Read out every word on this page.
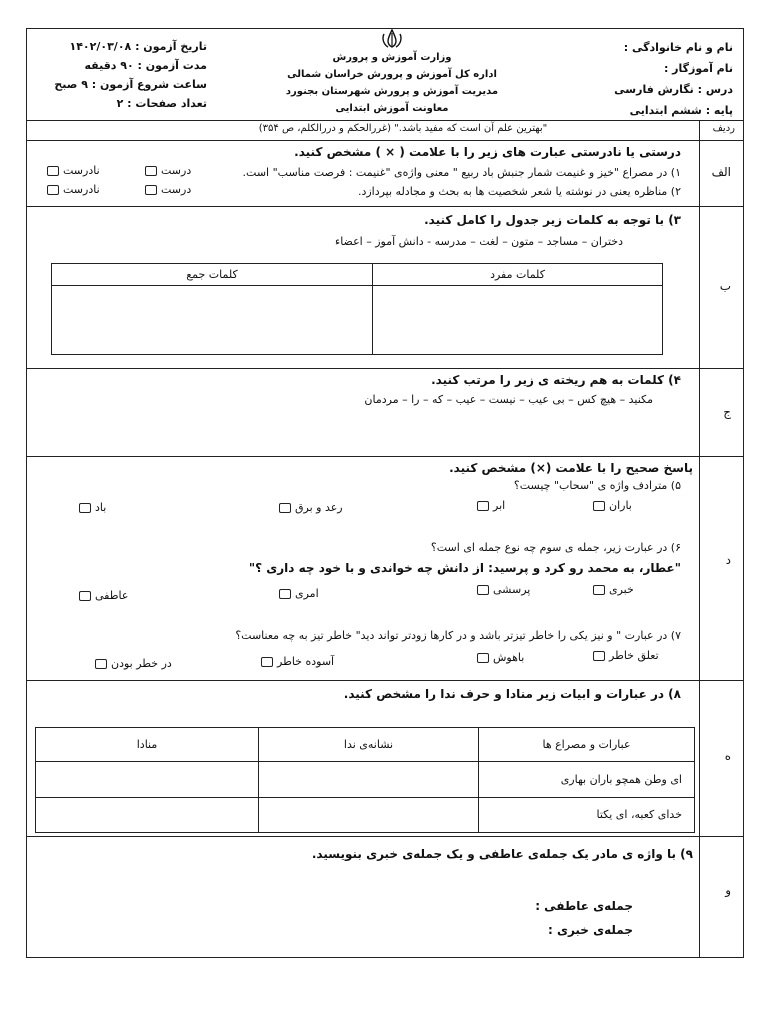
نام و نام خانوادگی :
نام آموزگار :
درس : نگارش فارسی
پایه : ششم ابتدایی
وزارت آموزش و پرورش
اداره کل آموزش و پرورش خراسان شمالی
مدیریت آموزش و پرورش شهرستان بجنورد
معاونت آموزش ابتدایی
تاریخ آزمون : ۱۴۰۲/۰۳/۰۸
مدت آزمون : ۹۰ دقیقه
ساعت شروع آزمون : ۹ صبح
تعداد صفحات : ۲
ردیف
"بهترین علم آن است که مفید باشد." (غررالحکم و دررالکلم، ص ۳۵۴)
الف
درستی یا نادرستی عبارت های زیر را با علامت ( × ) مشخص کنید.
۱) در مصراع "خیز و غنیمت شمار جنبش باد ربیع " معنی واژه‌ی "غنیمت : فرصت مناسب" است.
۲) مناظره یعنی در نوشته یا شعر شخصیت ها به بحث و مجادله بپردازد.
درست
نادرست
درست
نادرست
ب
۳) با توجه به کلمات زیر جدول را کامل کنید.
دختران – مساجد – متون – لغت – مدرسه - دانش آموز – اعضاء
کلمات مفرد	کلمات جمع

ج
۴) کلمات به هم ریخته ی زیر را مرتب کنید.
مکنید – هیچ کس – بی عیب – نیست – عیب – که – را – مردمان
د
پاسخ صحیح را با علامت (×) مشخص کنید.
۵) مترادف واژه ی "سحاب" چیست؟
باران
ابر
رعد و برق
باد
۶) در عبارت زیر، جمله ی سوم چه نوع جمله ای است؟
"عطار، به محمد رو کرد و پرسید: از دانش چه خواندی و با خود چه داری ؟"
خبری
پرسشی
امری
عاطفی
۷) در عبارت " و نیز یکی را خاطر تیزتر باشد و در کارها زودتر تواند دید" خاطر تیز به چه معناست؟
تعلق خاطر
باهوش
آسوده خاطر
در خطر بودن
ه
۸) در عبارات و ابیات زیر منادا و حرف ندا را مشخص کنید.
عبارات و مصراع ها	نشانه‌ی ندا	منادا
ای وطن همچو باران بهاری		
خدای کعبه، ای یکتا		
و
۹) با واژه ی مادر یک جمله‌ی عاطفی و یک جمله‌ی خبری بنویسید.
جمله‌ی عاطفی :
جمله‌ی خبری :
